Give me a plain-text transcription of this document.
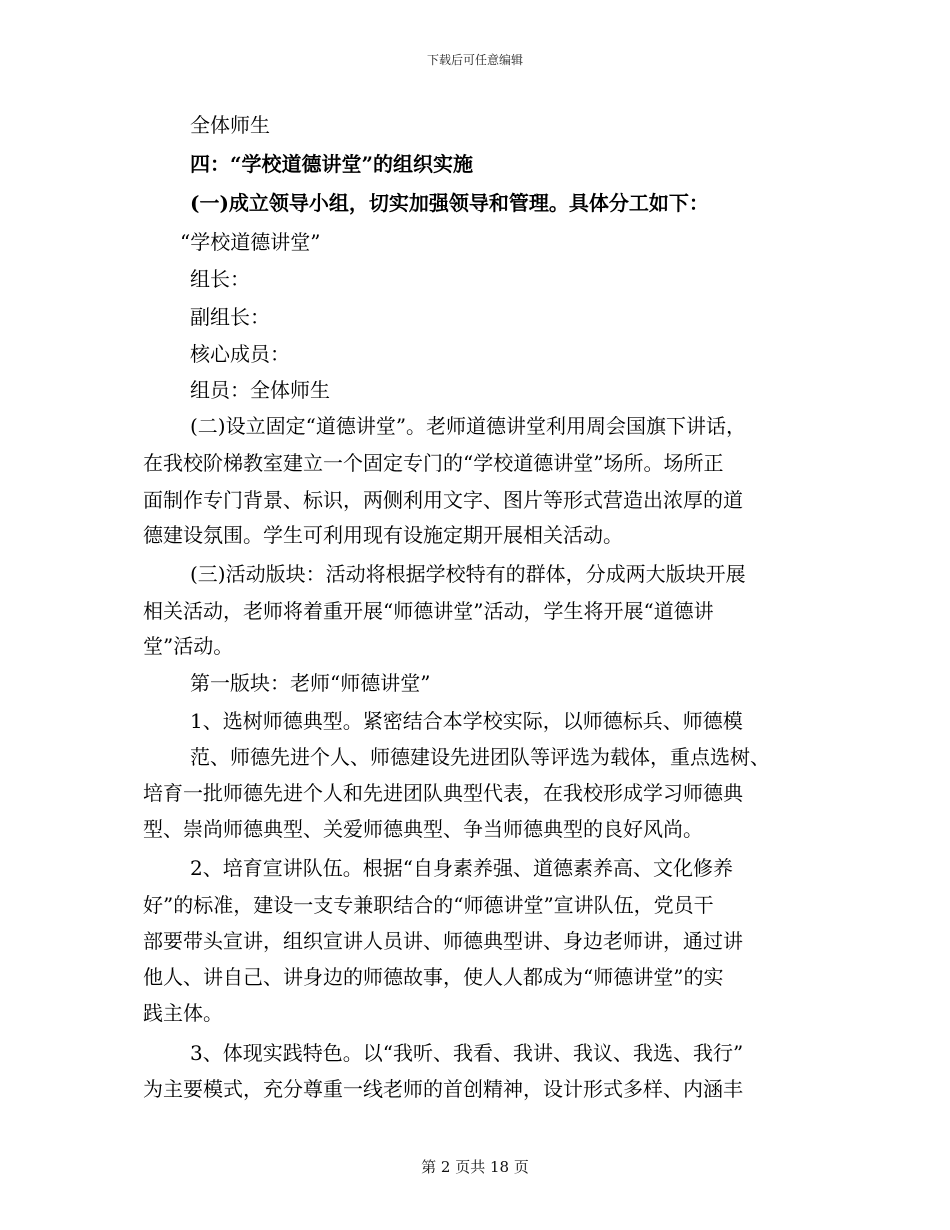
下载后可任意编辑
全体师生
四：“学校道德讲堂”的组织实施
(一)成立领导小组，切实加强领导和管理。具体分工如下：
“学校道德讲堂”
组长：
副组长：
核心成员：
组员：全体师生
(二)设立固定“道德讲堂”。老师道德讲堂利用周会国旗下讲话，
在我校阶梯教室建立一个固定专门的“学校道德讲堂”场所。场所正
面制作专门背景、标识，两侧利用文字、图片等形式营造出浓厚的道
德建设氛围。学生可利用现有设施定期开展相关活动。
(三)活动版块：活动将根据学校特有的群体，分成两大版块开展
相关活动，老师将着重开展“师德讲堂”活动，学生将开展“道德讲
堂”活动。
第一版块：老师“师德讲堂”
1、选树师德典型。紧密结合本学校实际，以师德标兵、师德模
范、师德先进个人、师德建设先进团队等评选为载体，重点选树、
培育一批师德先进个人和先进团队典型代表，在我校形成学习师德典
型、崇尚师德典型、关爱师德典型、争当师德典型的良好风尚。
2、培育宣讲队伍。根据“自身素养强、道德素养高、文化修养
好”的标准，建设一支专兼职结合的“师德讲堂”宣讲队伍，党员干
部要带头宣讲，组织宣讲人员讲、师德典型讲、身边老师讲，通过讲
他人、讲自己、讲身边的师德故事，使人人都成为“师德讲堂”的实
践主体。
3、体现实践特色。以“我听、我看、我讲、我议、我选、我行”
为主要模式，充分尊重一线老师的首创精神，设计形式多样、内涵丰
第 2 页共 18 页
